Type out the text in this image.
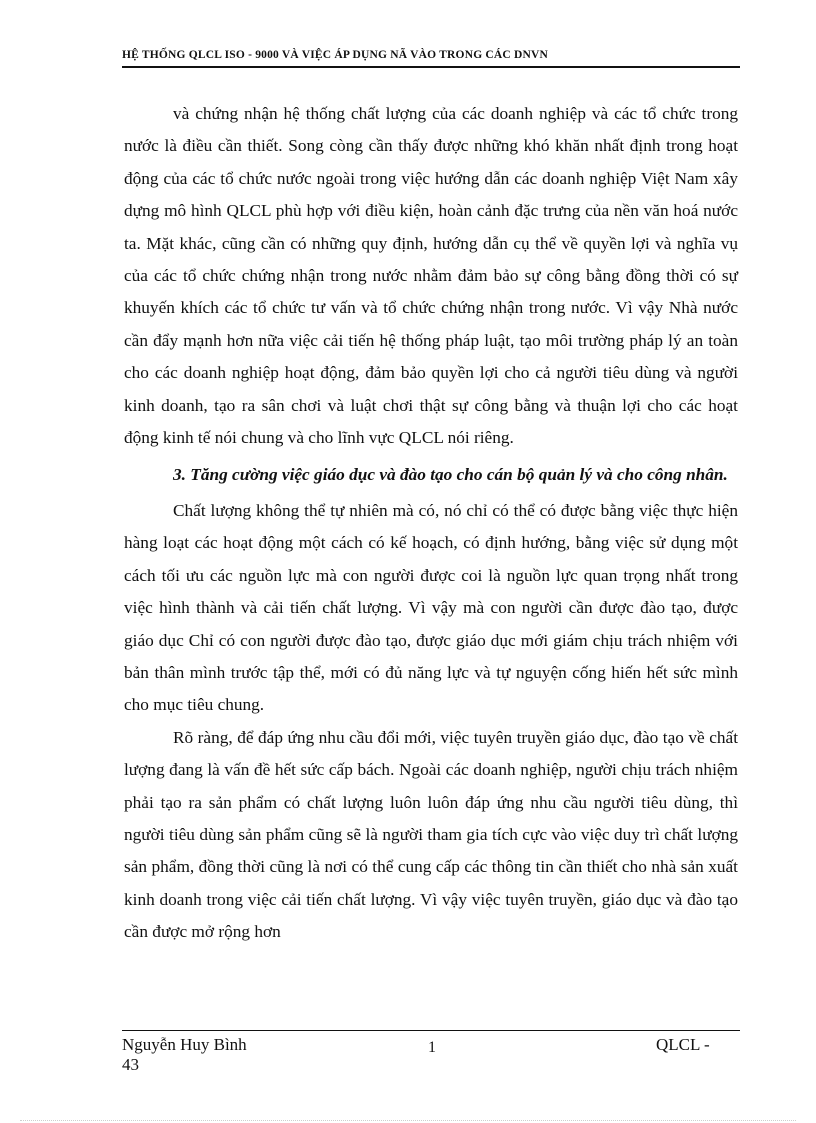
HỆ THỐNG QLCL ISO - 9000 VÀ VIỆC ÁP DỤNG NÃ VÀO TRONG CÁC DNVN

và chứng nhận hệ thống chất lượng của các doanh nghiệp và các tổ chức trong nước là điều cần thiết. Song còng cần thấy được những khó khăn nhất định trong hoạt động của các tổ chức nước ngoài trong việc hướng dẫn các doanh nghiệp Việt Nam xây dựng mô hình QLCL phù hợp với điều kiện, hoàn cảnh đặc trưng của nền văn hoá nước ta. Mặt khác, cũng cần có những quy định, hướng dẫn cụ thể về quyền lợi và nghĩa vụ của các tổ chức chứng nhận trong nước nhằm đảm bảo sự công bằng đồng thời có sự khuyến khích các tổ chức tư vấn và tổ chức chứng nhận trong nước. Vì vậy Nhà nước cần đẩy mạnh hơn nữa việc cải tiến hệ thống pháp luật, tạo môi trường pháp lý an toàn cho các doanh nghiệp hoạt động, đảm bảo quyền lợi cho cả người tiêu dùng và người kinh doanh, tạo ra sân chơi và luật chơi thật sự công bằng và thuận lợi cho các hoạt động kinh tế nói chung và cho lĩnh vực QLCL nói riêng.

3. Tăng cường việc giáo dục và đào tạo cho cán bộ quản lý và cho công nhân.

Chất lượng không thể tự nhiên mà có, nó chỉ có thể có được bằng việc thực hiện hàng loạt các hoạt động một cách có kế hoạch, có định hướng, bằng việc sử dụng một cách tối ưu các nguồn lực mà con người được coi là nguồn lực quan trọng nhất trong việc hình thành và cải tiến chất lượng. Vì vậy mà con người cần được đào tạo, được giáo dục Chỉ có con người được đào tạo, được giáo dục mới giám chịu trách nhiệm với bản thân mình trước tập thể, mới có đủ năng lực và tự nguyện cống hiến hết sức mình cho mục tiêu chung.

Rõ ràng, để đáp ứng nhu cầu đổi mới, việc tuyên truyền giáo dục, đào tạo về chất lượng đang là vấn đề hết sức cấp bách. Ngoài các doanh nghiệp, người chịu trách nhiệm phải tạo ra sản phẩm có chất lượng luôn luôn đáp ứng nhu cầu người tiêu dùng, thì người tiêu dùng sản phẩm cũng sẽ là người tham gia tích cực vào việc duy trì chất lượng sản phẩm, đồng thời cũng là nơi có thể cung cấp các thông tin cần thiết cho nhà sản xuất kinh doanh trong việc cải tiến chất lượng. Vì vậy việc tuyên truyền, giáo dục và đào tạo cần được mở rộng hơn

Nguyễn Huy Bình
43
1	QLCL -
